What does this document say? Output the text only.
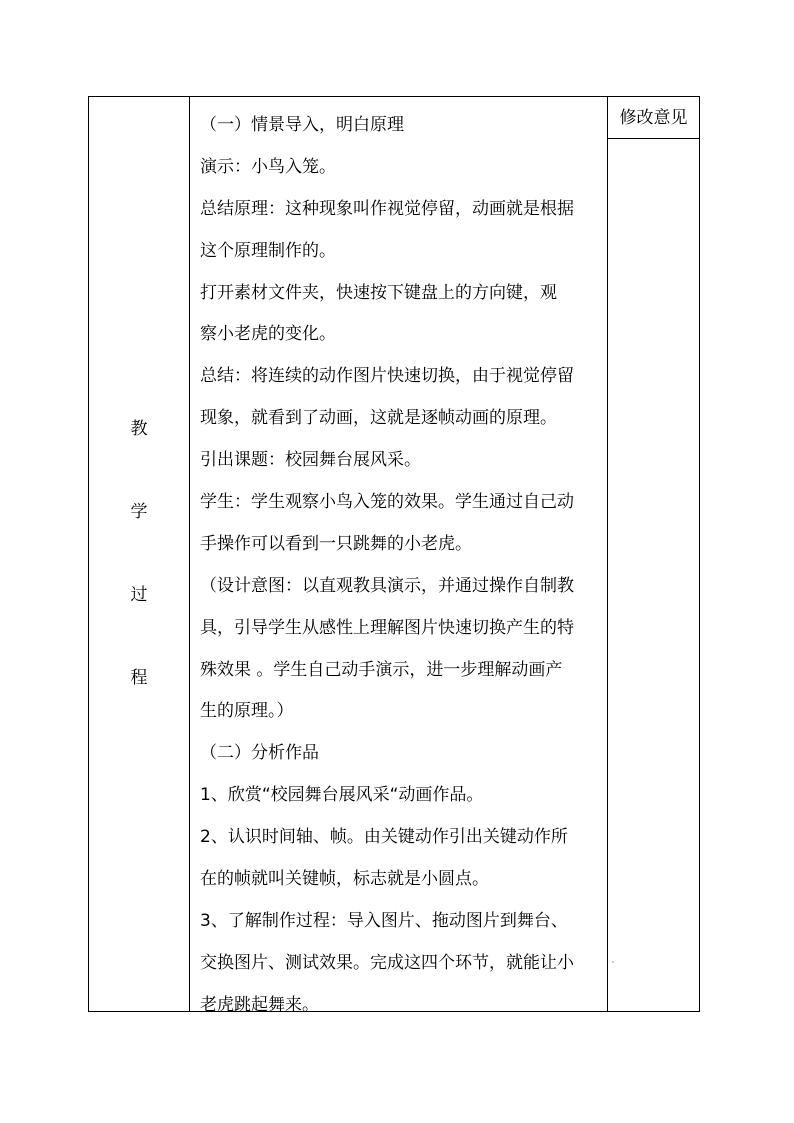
教
学
过
程
（一）情景导入，明白原理
演示：小鸟入笼。
总结原理：这种现象叫作视觉停留，动画就是根据
这个原理制作的。
打开素材文件夹，快速按下键盘上的方向键，观
察小老虎的变化。
总结：将连续的动作图片快速切换，由于视觉停留
现象，就看到了动画，这就是逐帧动画的原理。
引出课题：校园舞台展风采。
学生：学生观察小鸟入笼的效果。学生通过自己动
手操作可以看到一只跳舞的小老虎。
（设计意图：以直观教具演示，并通过操作自制教
具，引导学生从感性上理解图片快速切换产生的特
殊效果 。学生自己动手演示，进一步理解动画产
生的原理。）
（二）分析作品
1、欣赏“校园舞台展风采“动画作品。
2、认识时间轴、帧。由关键动作引出关键动作所
在的帧就叫关键帧，标志就是小圆点。
3、了解制作过程：导入图片、拖动图片到舞台、
交换图片、测试效果。完成这四个环节，就能让小
老虎跳起舞来。
修改意见
